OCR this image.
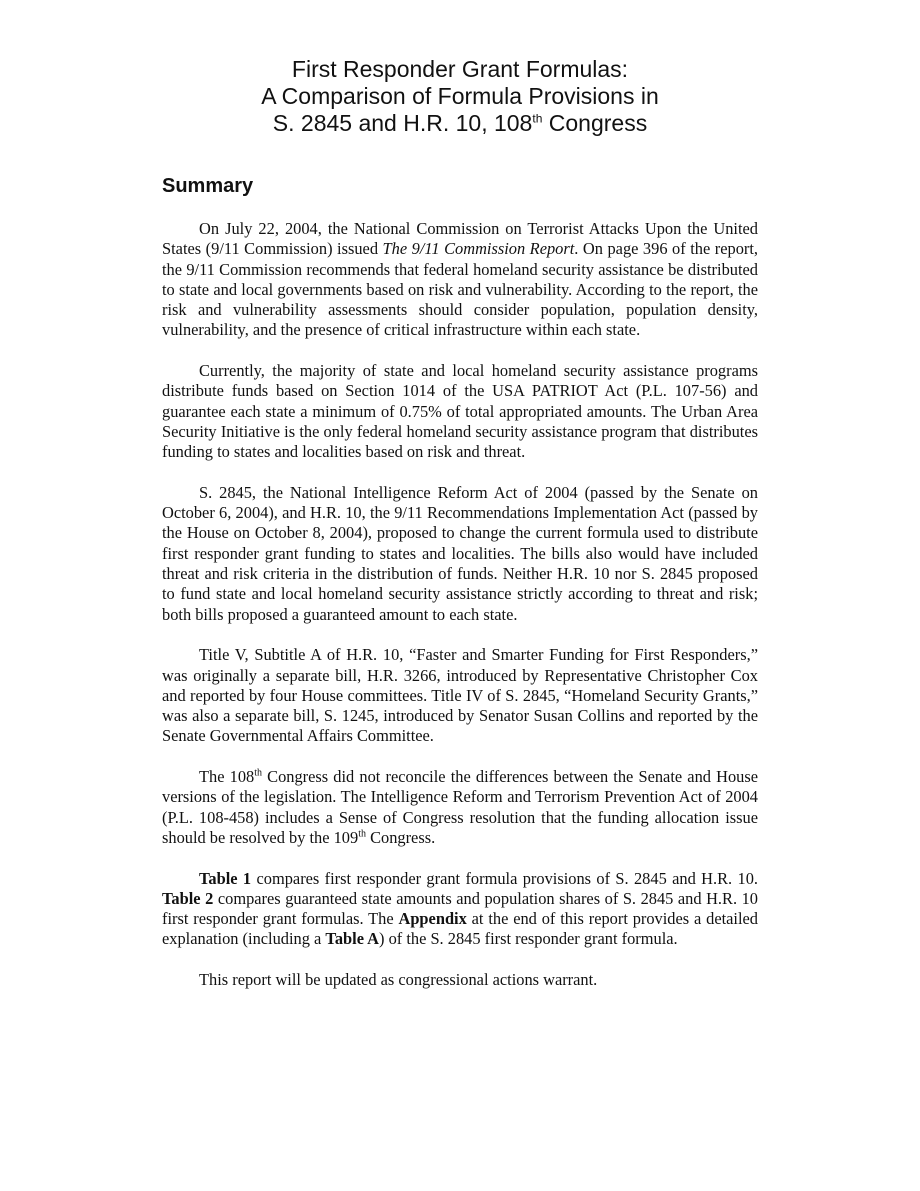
First Responder Grant Formulas:
A Comparison of Formula Provisions in
S. 2845 and H.R. 10, 108th Congress
Summary

On July 22, 2004, the National Commission on Terrorist Attacks Upon the United States (9/11 Commission) issued The 9/11 Commission Report. On page 396 of the report, the 9/11 Commission recommends that federal homeland security assistance be distributed to state and local governments based on risk and vulnerability. According to the report, the risk and vulnerability assessments should consider population, population density, vulnerability, and the presence of critical infrastructure within each state.

Currently, the majority of state and local homeland security assistance programs distribute funds based on Section 1014 of the USA PATRIOT Act (P.L. 107-56) and guarantee each state a minimum of 0.75% of total appropriated amounts. The Urban Area Security Initiative is the only federal homeland security assistance program that distributes funding to states and localities based on risk and threat.

S. 2845, the National Intelligence Reform Act of 2004 (passed by the Senate on October 6, 2004), and H.R. 10, the 9/11 Recommendations Implementation Act (passed by the House on October 8, 2004), proposed to change the current formula used to distribute first responder grant funding to states and localities. The bills also would have included threat and risk criteria in the distribution of funds. Neither H.R. 10 nor S. 2845 proposed to fund state and local homeland security assistance strictly according to threat and risk; both bills proposed a guaranteed amount to each state.

Title V, Subtitle A of H.R. 10, “Faster and Smarter Funding for First Responders,” was originally a separate bill, H.R. 3266, introduced by Representative Christopher Cox and reported by four House committees. Title IV of S. 2845, “Homeland Security Grants,” was also a separate bill, S. 1245, introduced by Senator Susan Collins and reported by the Senate Governmental Affairs Committee.

The 108th Congress did not reconcile the differences between the Senate and House versions of the legislation. The Intelligence Reform and Terrorism Prevention Act of 2004 (P.L. 108-458) includes a Sense of Congress resolution that the funding allocation issue should be resolved by the 109th Congress.

Table 1 compares first responder grant formula provisions of S. 2845 and H.R. 10. Table 2 compares guaranteed state amounts and population shares of S. 2845 and H.R. 10 first responder grant formulas. The Appendix at the end of this report provides a detailed explanation (including a Table A) of the S. 2845 first responder grant formula.

This report will be updated as congressional actions warrant.
